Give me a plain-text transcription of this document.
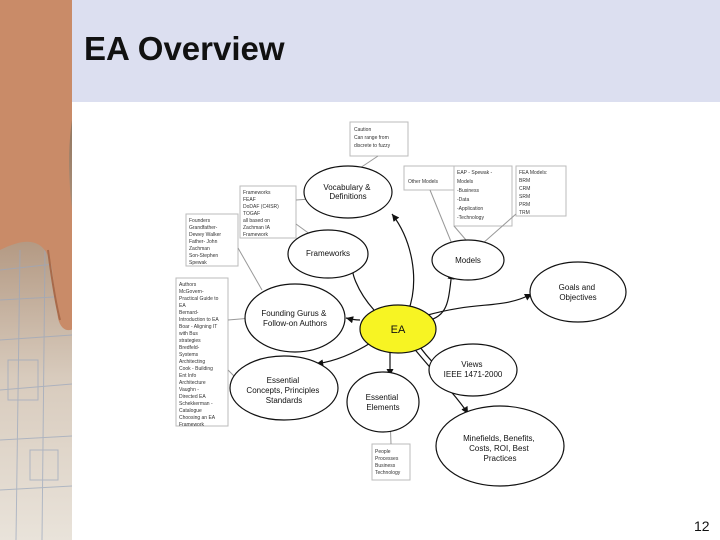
EA Overview
EA
Vocabulary & Definitions
Frameworks
Models
Goals and Objectives
Views IEEE 1471-2000
Minefields, Benefits, Costs, ROI, Best Practices
Essential Elements
Essential Concepts, Principles Standards
Founding Gurus & Follow-on Authors
Caution Can range from discrete to fuzzy
Other Models
EAP - Spewak - Models -Business -Data -Application -Technology
FEA Models: BRM CRM SRM PRM TRM
Frameworks FEAF DoDAF (C4ISR) TOGAF all based on Zachman IA Framework
Founders Grandfather- Dewey Walker Father- John Zachman Son-Stephen Spewak
Authors McGovern- Practical Guide to EA Bernard- Introduction to EA Boar - Aligning IT with Bus strategies Bredfeld- Systems Architecting Cook - Building Ent Info Architecture Vaughn - Directed EA Schekkerman - Catalogue Choosing an EA Framework
People Processes Business Technology
12
